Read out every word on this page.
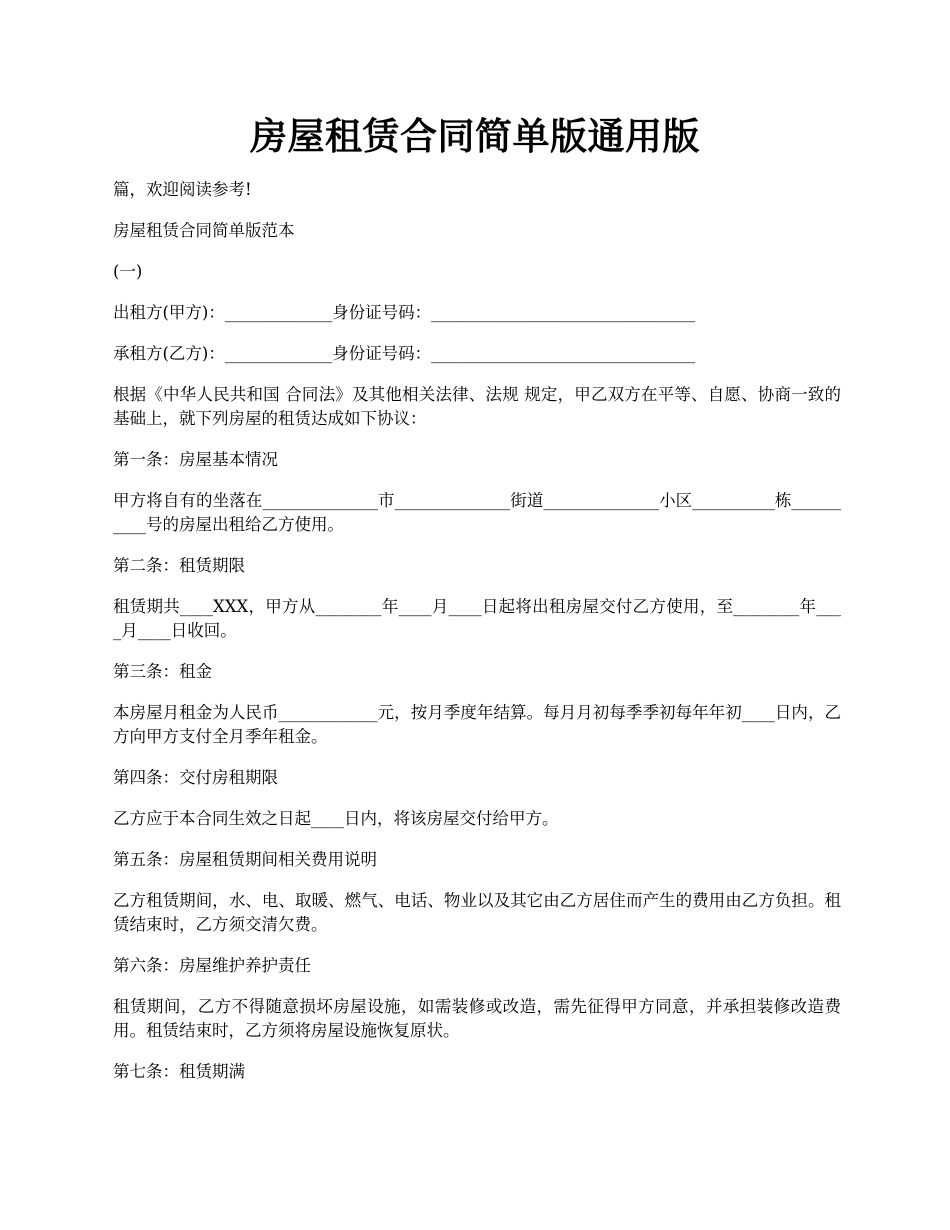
房屋租赁合同简单版通用版

篇，欢迎阅读参考!

房屋租赁合同简单版范本

(一)

出租方(甲方)：_____________身份证号码：________________________________

承租方(乙方)：_____________身份证号码：________________________________

根据《中华人民共和国 合同法》及其他相关法律、法规 规定，甲乙双方在平等、自愿、协商一致的基础上，就下列房屋的租赁达成如下协议：

第一条：房屋基本情况

甲方将自有的坐落在______________市______________街道______________小区__________栋__________号的房屋出租给乙方使用。

第二条：租赁期限

租赁期共____XXX，甲方从________年____月____日起将出租房屋交付乙方使用，至________年____月____日收回。

第三条：租金

本房屋月租金为人民币____________元，按月季度年结算。每月月初每季季初每年年初____日内，乙方向甲方支付全月季年租金。

第四条：交付房租期限

乙方应于本合同生效之日起____日内，将该房屋交付给甲方。

第五条：房屋租赁期间相关费用说明

乙方租赁期间，水、电、取暖、燃气、电话、物业以及其它由乙方居住而产生的费用由乙方负担。租赁结束时，乙方须交清欠费。

第六条：房屋维护养护责任

租赁期间，乙方不得随意损坏房屋设施，如需装修或改造，需先征得甲方同意，并承担装修改造费用。租赁结束时，乙方须将房屋设施恢复原状。

第七条：租赁期满
